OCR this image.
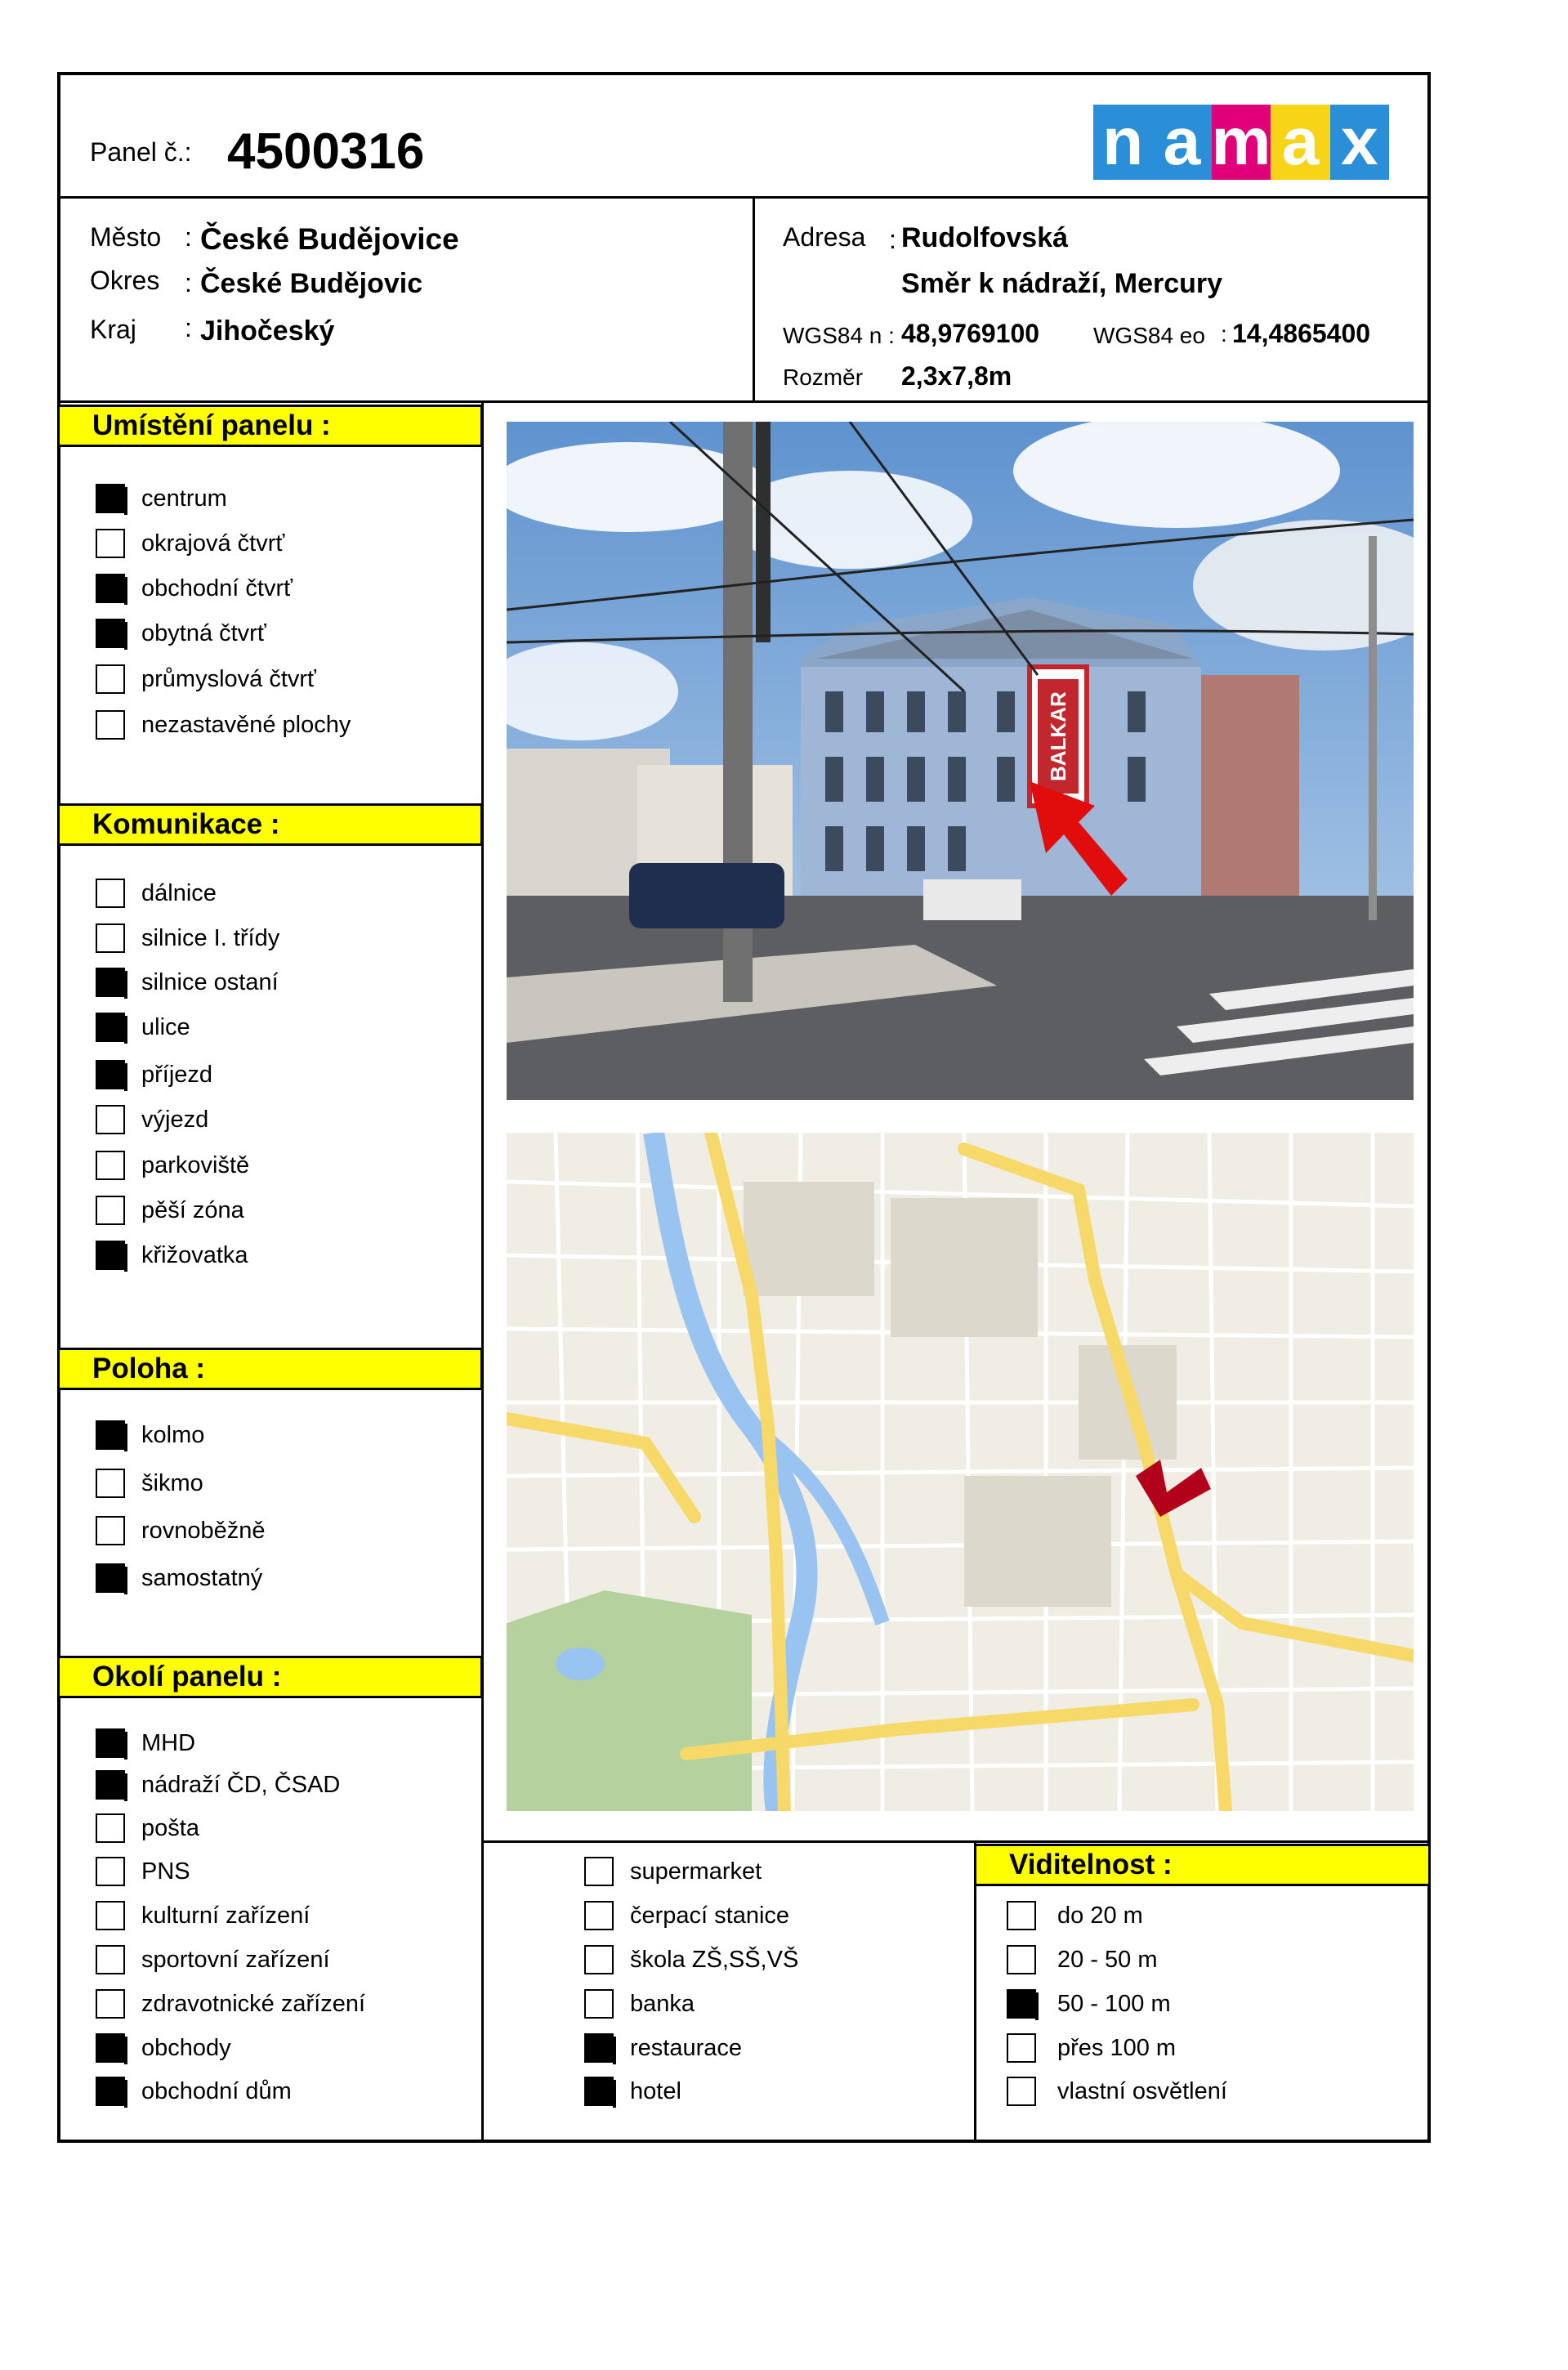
Panel č.: 4500316	n a m a x
Město : České Budějovice
Okres : České Budějovic
Kraj : Jihočeský
Adresa : Rudolfovská
Směr k nádraží, Mercury
WGS84 n : 48,9769100 WGS84 eo : 14,4865400
Rozměr 2,3x7,8m
Umístění panelu :
Komunikace :
Poloha :
Okolí panelu :
Viditelnost :
centrum
okrajová čtvrť
obchodní čtvrť
obytná čtvrť
průmyslová čtvrť
nezastavěné plochy
dálnice
silnice I. třídy
silnice ostaní
ulice
příjezd
výjezd
parkoviště
pěší zóna
křižovatka
kolmo
šikmo
rovnoběžně
samostatný
MHD
nádraží ČD, ČSAD
pošta
PNS
kulturní zařízení
sportovní zařízení
zdravotnické zařízení
obchody
obchodní dům
supermarket
čerpací stanice
škola ZŠ,SŠ,VŠ
banka
restaurace
hotel
do 20 m
20 - 50 m
50 - 100 m
přes 100 m
vlastní osvětlení
BALKAR
